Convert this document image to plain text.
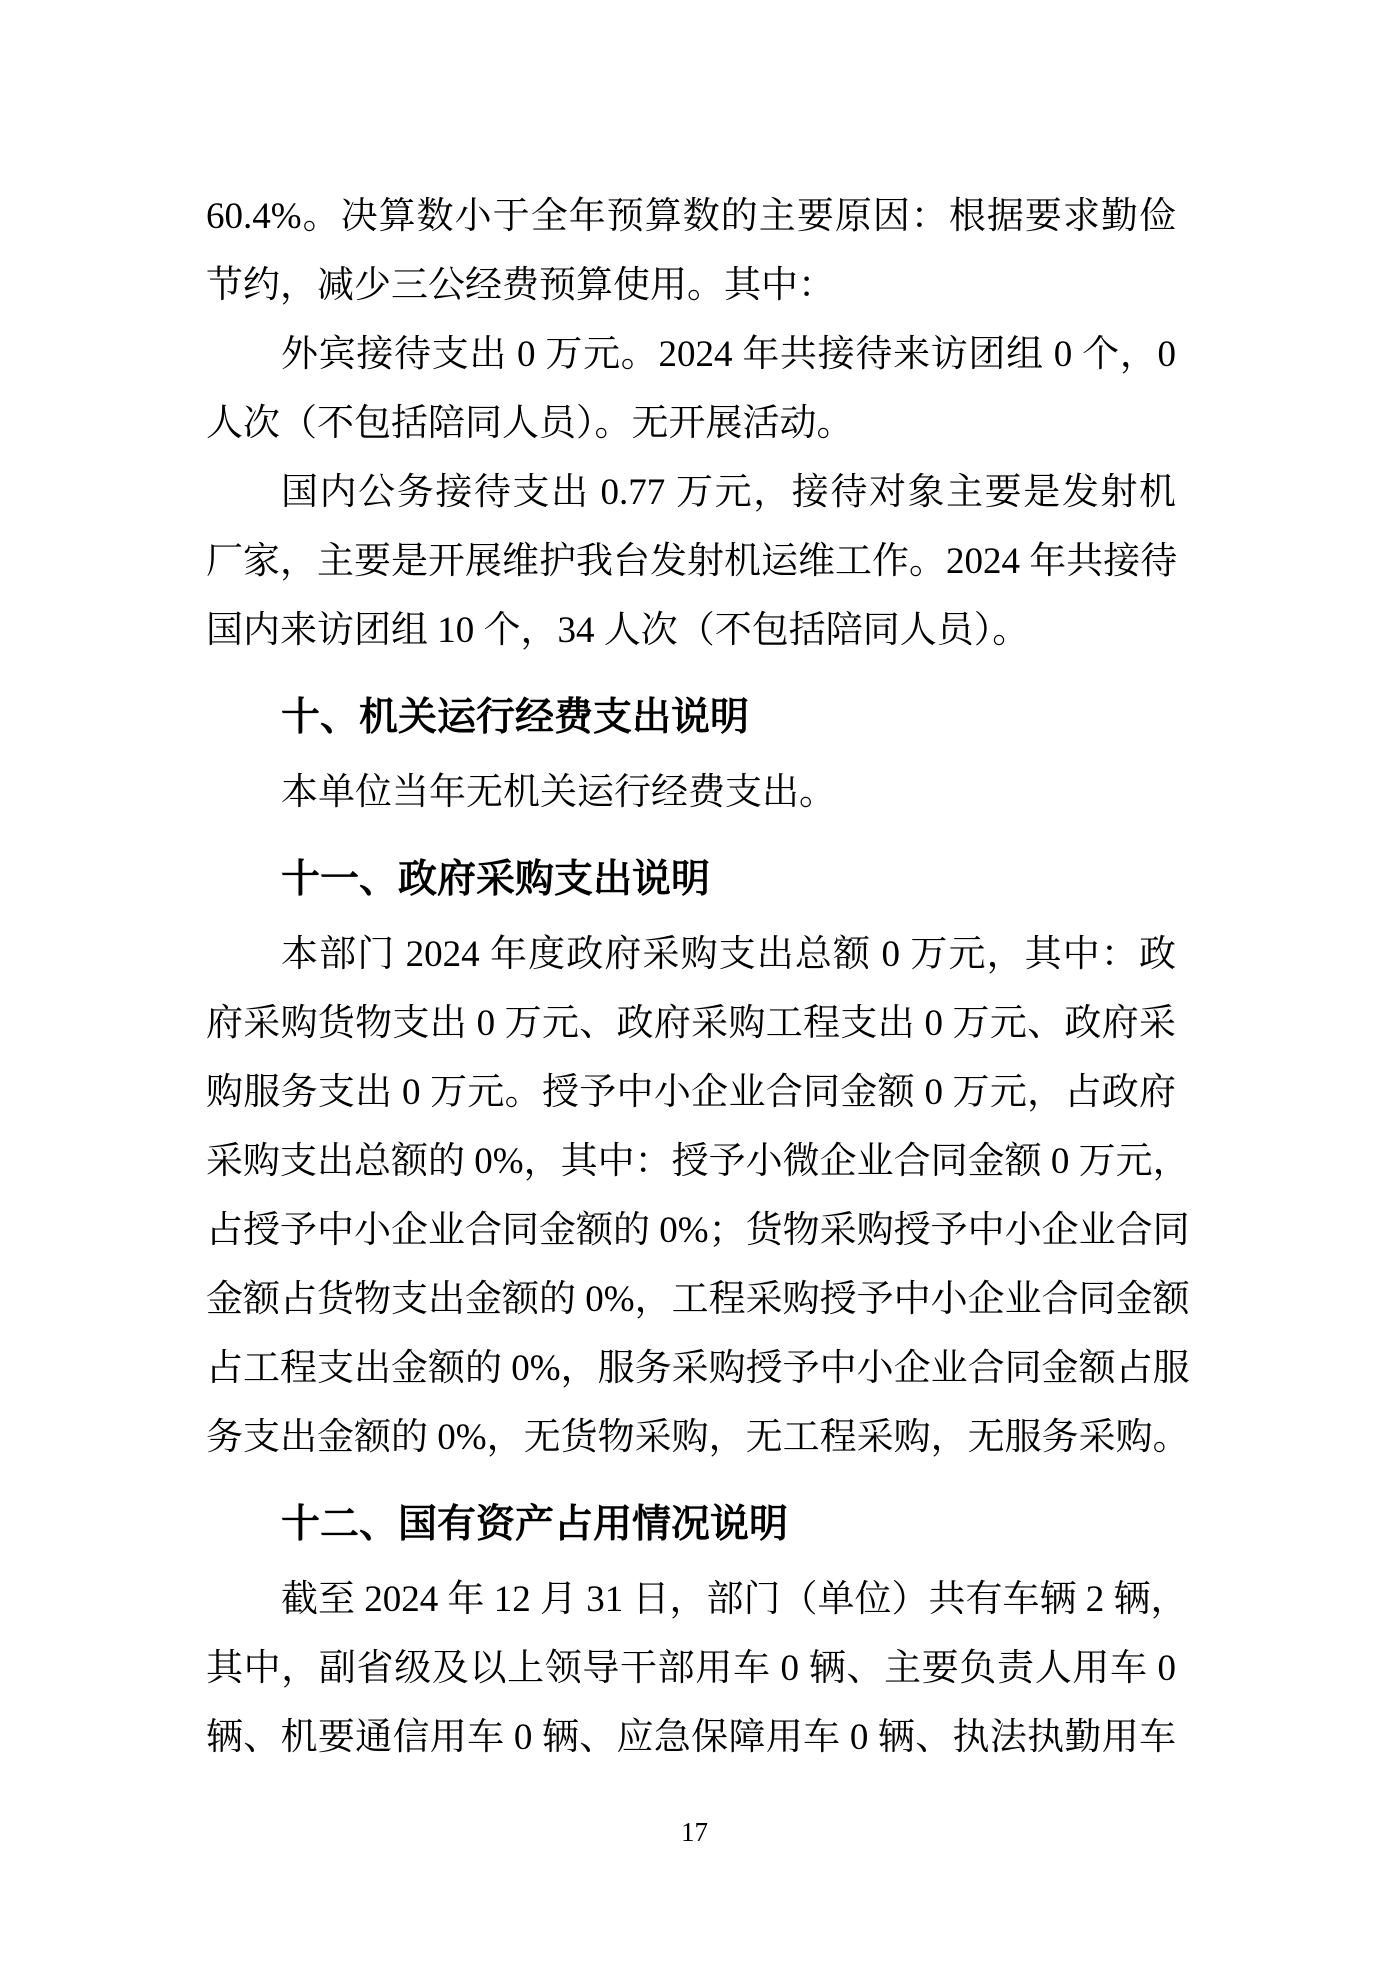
60.4%。决算数小于全年预算数的主要原因：根据要求勤俭
节约，减少三公经费预算使用。其中：
外宾接待支出 0 万元。2024 年共接待来访团组 0 个，0
人次（不包括陪同人员）。无开展活动。
国内公务接待支出 0.77 万元，接待对象主要是发射机
厂家，主要是开展维护我台发射机运维工作。2024 年共接待
国内来访团组 10 个，34 人次（不包括陪同人员）。
十、机关运行经费支出说明
本单位当年无机关运行经费支出。
十一、政府采购支出说明
本部门 2024 年度政府采购支出总额 0 万元，其中：政
府采购货物支出 0 万元、政府采购工程支出 0 万元、政府采
购服务支出 0 万元。授予中小企业合同金额 0 万元，占政府
采购支出总额的 0%，其中：授予小微企业合同金额 0 万元，
占授予中小企业合同金额的 0%；货物采购授予中小企业合同
金额占货物支出金额的 0%，工程采购授予中小企业合同金额
占工程支出金额的 0%，服务采购授予中小企业合同金额占服
务支出金额的 0%，无货物采购，无工程采购，无服务采购。
十二、国有资产占用情况说明
截至 2024 年 12 月 31 日，部门（单位）共有车辆 2 辆，
其中，副省级及以上领导干部用车 0 辆、主要负责人用车 0
辆、机要通信用车 0 辆、应急保障用车 0 辆、执法执勤用车
17
